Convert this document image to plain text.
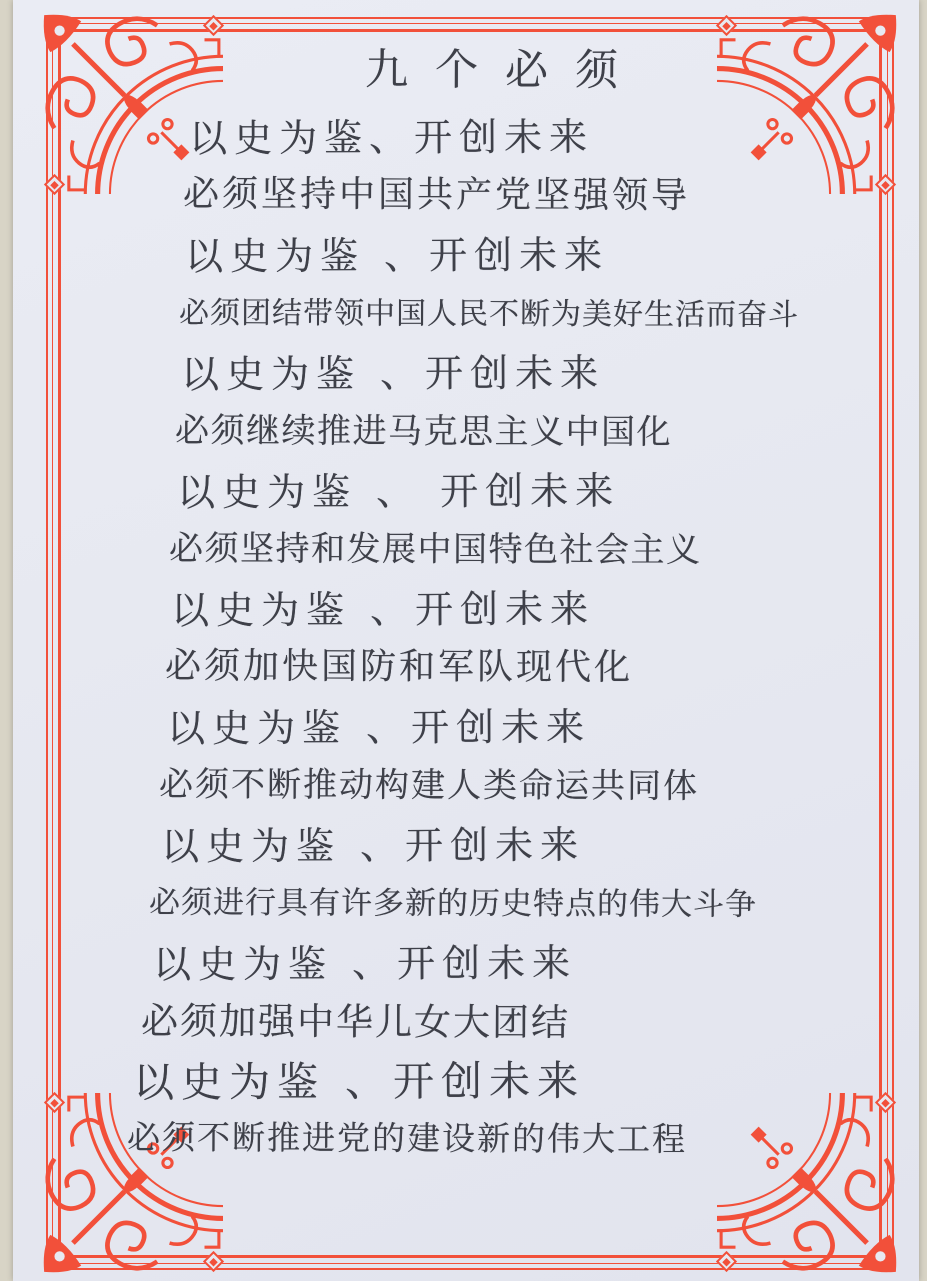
九个必须
以史为鉴、开创未来
必须坚持中国共产党坚强领导
以史为鉴 、开创未来
必须团结带领中国人民不断为美好生活而奋斗
以史为鉴 、开创未来
必须继续推进马克思主义中国化
以史为鉴 、 开创未来
必须坚持和发展中国特色社会主义
以史为鉴 、开创未来
必须加快国防和军队现代化
以史为鉴 、开创未来
必须不断推动构建人类命运共同体
以史为鉴 、开创未来
必须进行具有许多新的历史特点的伟大斗争
以史为鉴 、开创未来
必须加强中华儿女大团结
以史为鉴 、开创未来
必须不断推进党的建设新的伟大工程
